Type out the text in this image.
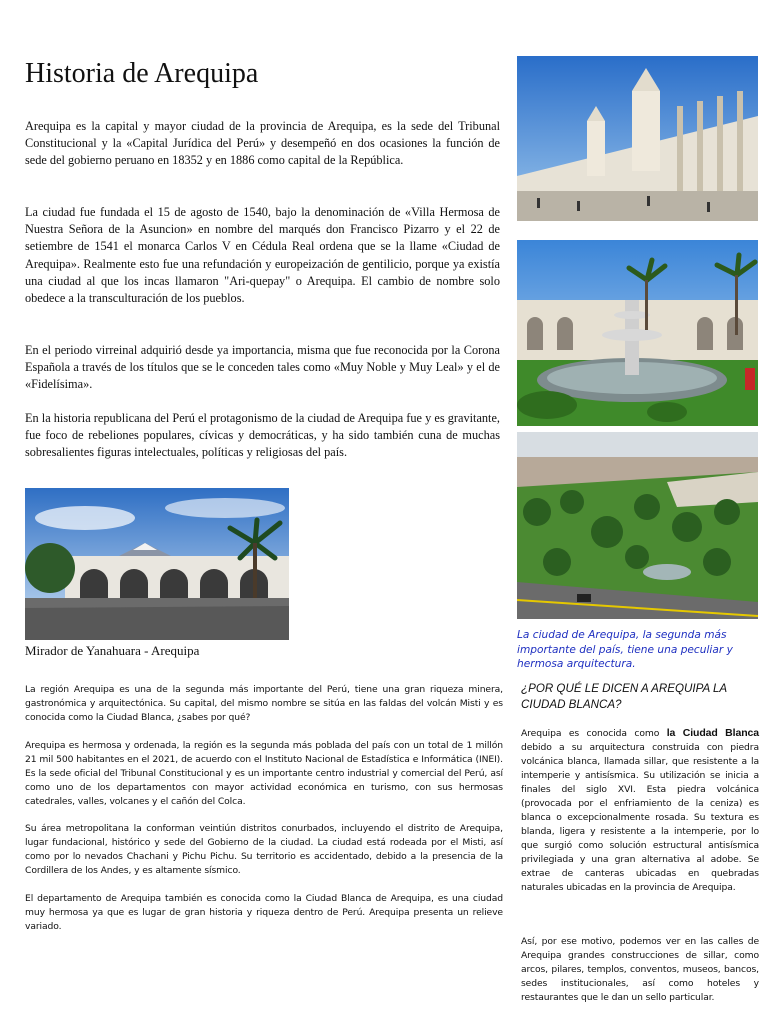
Historia de Arequipa

Arequipa es la capital y mayor ciudad de la provincia de Arequipa, es la sede del Tribunal Constitucional y la «Capital Jurídica del Perú» y desempeñó en dos ocasiones la función de sede del gobierno peruano en 18352 y en 1886 como capital de la República.

La ciudad fue fundada el 15 de agosto de 1540, bajo la denominación de «Villa Hermosa de Nuestra Señora de la Asuncion» en nombre del marqués don Francisco Pizarro y el 22 de setiembre de 1541 el monarca Carlos V en Cédula Real ordena que se la llame «Ciudad de Arequipa». Realmente esto fue una refundación y europeización de gentilicio, porque ya existía una ciudad al que los incas llamaron "Ari-quepay" o Arequipa. El cambio de nombre solo obedece a la transculturación de los pueblos.

En el periodo virreinal adquirió desde ya importancia, misma que fue reconocida por la Corona Española a través de los títulos que se le conceden tales como «Muy Noble y Muy Leal» y el de «Fidelísima».

En la historia republicana del Perú el protagonismo de la ciudad de Arequipa fue y es gravitante, fue foco de rebeliones populares, cívicas y democráticas, y ha sido también cuna de muchas sobresalientes figuras intelectuales, políticas y religiosas del país.

Mirador de Yanahuara - Arequipa

La ciudad de Arequipa, la segunda más importante del país, tiene una peculiar y hermosa arquitectura.

¿POR QUÉ LE DICEN A AREQUIPA LA CIUDAD BLANCA?

La región Arequipa es una de la segunda más importante del Perú, tiene una gran riqueza minera, gastronómica y arquitectónica. Su capital, del mismo nombre se sitúa en las faldas del volcán Misti y es conocida como la Ciudad Blanca, ¿sabes por qué?

Arequipa es hermosa y ordenada, la región es la segunda más poblada del país con un total de 1 millón 21 mil 500 habitantes en el 2021, de acuerdo con el Instituto Nacional de Estadística e Informática (INEI). Es la sede oficial del Tribunal Constitucional y es un importante centro industrial y comercial del Perú, así como uno de los departamentos con mayor actividad económica en turismo, con sus hermosas catedrales, valles, volcanes y el cañón del Colca.

Su área metropolitana la conforman veintiún distritos conurbados, incluyendo el distrito de Arequipa, lugar fundacional, histórico y sede del Gobierno de la ciudad. La ciudad está rodeada por el Misti, así como por lo nevados Chachani y Pichu Pichu. Su territorio es accidentado, debido a la presencia de la Cordillera de los Andes, y es altamente sísmico.

El departamento de Arequipa también es conocida como la Ciudad Blanca de Arequipa, es una ciudad muy hermosa ya que es lugar de gran historia y riqueza dentro de Perú. Arequipa presenta un relieve variado.

Arequipa es conocida como la Ciudad Blanca debido a su arquitectura construida con piedra volcánica blanca, llamada sillar, que resistente a la intemperie y antisísmica. Su utilización se inicia a finales del siglo XVI. Esta piedra volcánica (provocada por el enfriamiento de la ceniza) es blanca o excepcionalmente rosada. Su textura es blanda, ligera y resistente a la intemperie, por lo que surgió como solución estructural antisísmica privilegiada y una gran alternativa al adobe. Se extrae de canteras ubicadas en quebradas naturales ubicadas en la provincia de Arequipa.

Así, por ese motivo, podemos ver en las calles de Arequipa grandes construcciones de sillar, como arcos, pilares, templos, conventos, museos, bancos, sedes institucionales, así como hoteles y restaurantes que le dan un sello particular.
